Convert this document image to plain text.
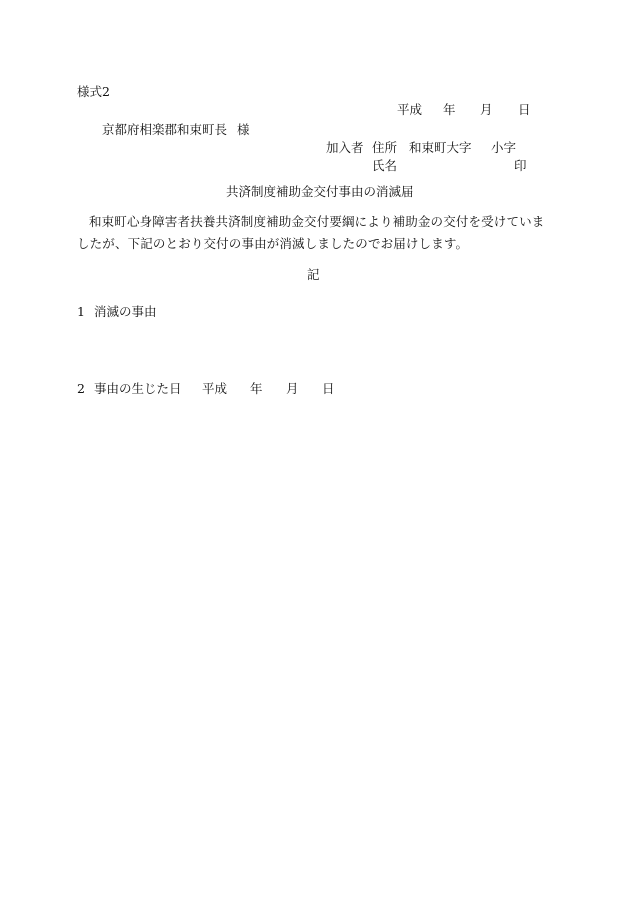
様式2
平成 年 月 日
京都府相楽郡和束町長 様
加入者 住所 和束町大字 小字
氏名	印
共済制度補助金交付事由の消滅届
和束町心身障害者扶養共済制度補助金交付要綱により補助金の交付を受けていましたが、下記のとおり交付の事由が消滅しましたのでお届けします。
記
1 消滅の事由
2 事由の生じた日 平成 年 月 日
